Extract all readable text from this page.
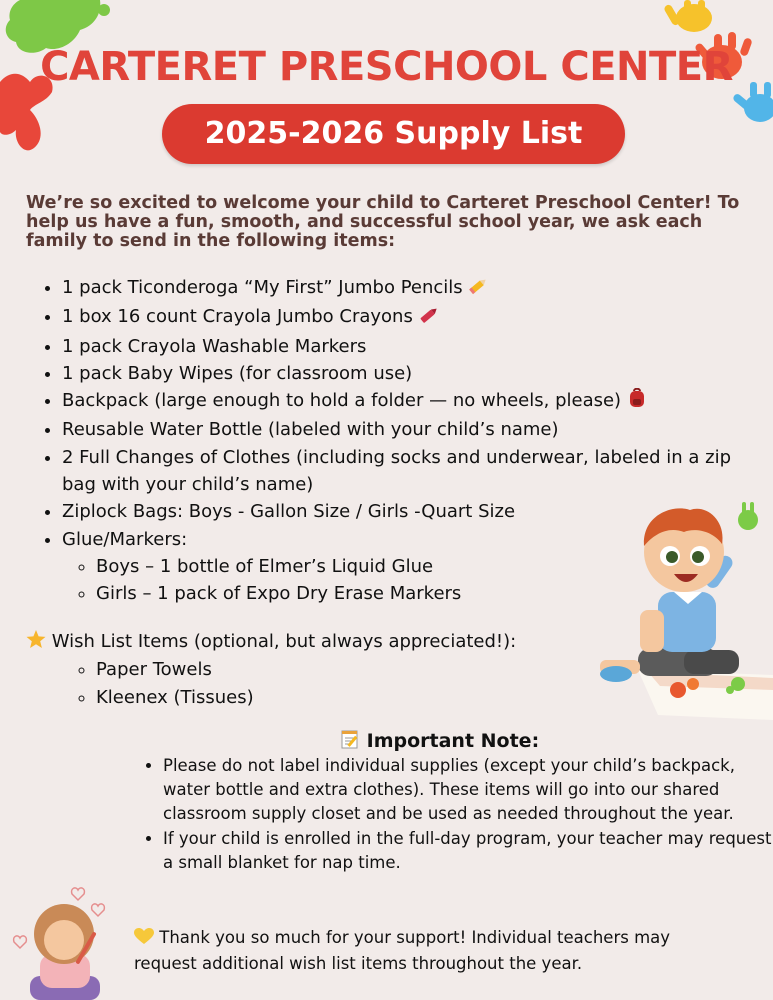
CARTERET PRESCHOOL CENTER
2025-2026 Supply List
We’re so excited to welcome your child to Carteret Preschool Center! To help us have a fun, smooth, and successful school year, we ask each family to send in the following items:
• 1 pack Ticonderoga “My First” Jumbo Pencils
• 1 box 16 count Crayola Jumbo Crayons
• 1 pack Crayola Washable Markers
• 1 pack Baby Wipes (for classroom use)
• Backpack (large enough to hold a folder — no wheels, please)
• Reusable Water Bottle (labeled with your child’s name)
• 2 Full Changes of Clothes (including socks and underwear, labeled in a zip bag with your child’s name)
• Ziplock Bags: Boys - Gallon Size / Girls -Quart Size
• Glue/Markers:
◦ Boys – 1 bottle of Elmer’s Liquid Glue
◦ Girls – 1 pack of Expo Dry Erase Markers
Wish List Items (optional, but always appreciated!):
◦ Paper Towels
◦ Kleenex (Tissues)
Important Note:
• Please do not label individual supplies (except your child’s backpack, water bottle and extra clothes). These items will go into our shared classroom supply closet and be used as needed throughout the year.
• If your child is enrolled in the full-day program, your teacher may request a small blanket for nap time.
Thank you so much for your support! Individual teachers may request additional wish list items throughout the year.
